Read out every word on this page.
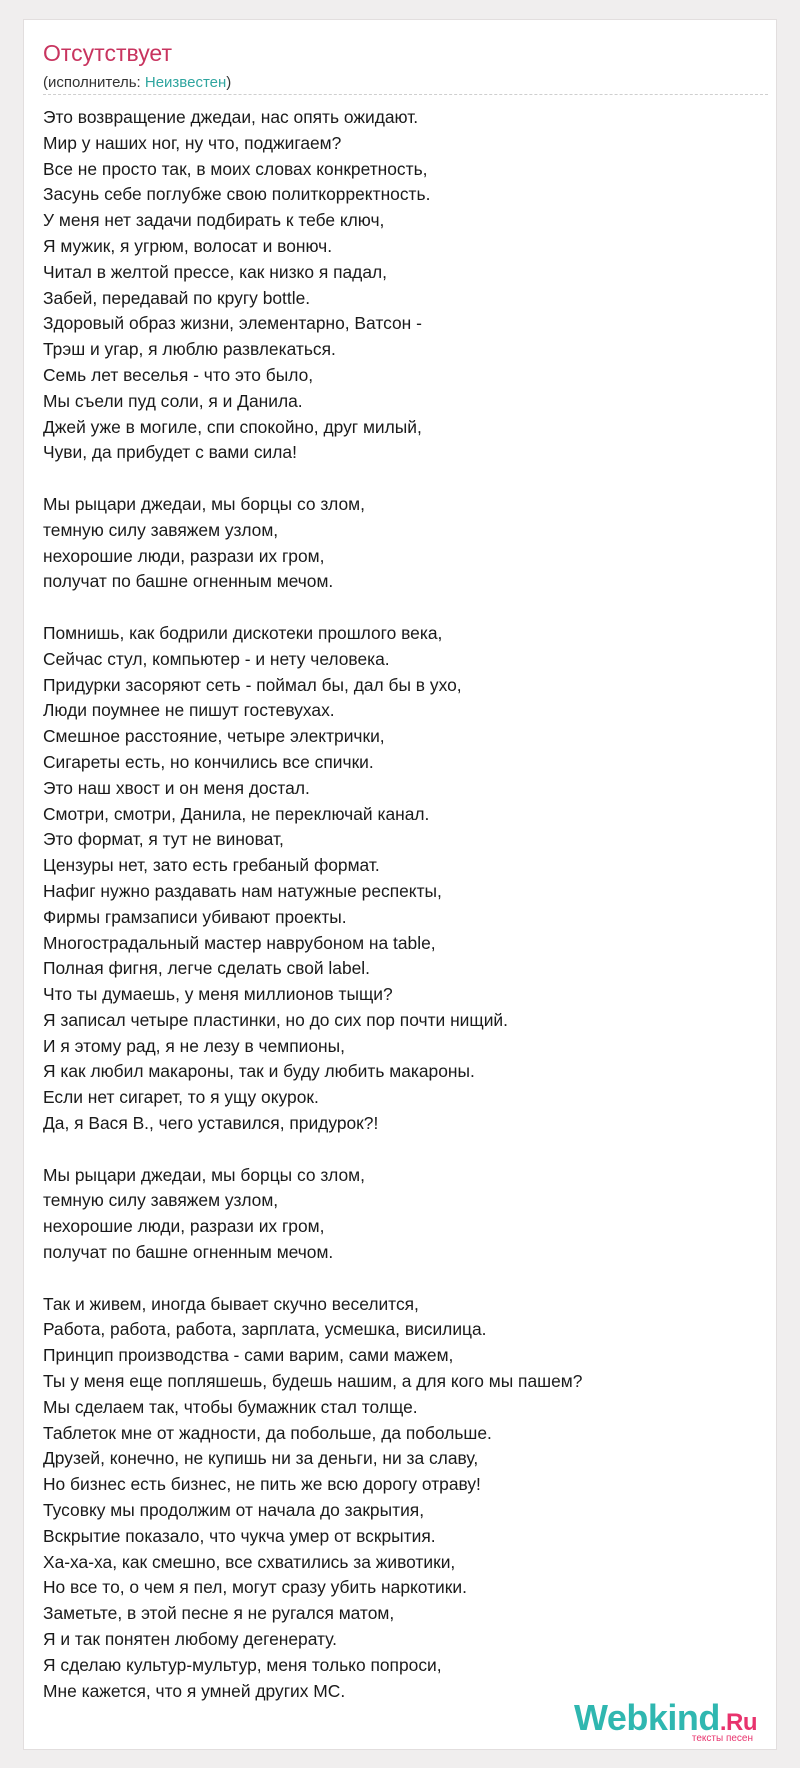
Отсутствует
(исполнитель: Неизвестен)
Это возвращение джедаи, нас опять ожидают.
Мир у наших ног, ну что, поджигаем?
Все не просто так, в моих словах конкретность,
Засунь себе поглубже свою политкорректность.
У меня нет задачи подбирать к тебе ключ,
Я мужик, я угрюм, волосат и вонюч.
Читал в желтой прессе, как низко я падал,
Забей, передавай по кругу bottle.
Здоровый образ жизни, элементарно, Ватсон -
Трэш и угар, я люблю развлекаться.
Семь лет веселья - что это было,
Мы съели пуд соли, я и Данила.
Джей уже в могиле, спи спокойно, друг милый,
Чуви, да прибудет с вами сила!
Мы рыцари джедаи, мы борцы со злом,
темную силу завяжем узлом,
нехорошие люди, разрази их гром,
получат по башне огненным мечом.
Помнишь, как бодрили дискотеки прошлого века,
Сейчас стул, компьютер - и нету человека.
Придурки засоряют сеть - поймал бы, дал бы в ухо,
Люди поумнее не пишут гостевухах.
Смешное расстояние, четыре электрички,
Сигареты есть, но кончились все спички.
Это наш хвост и он меня достал.
Смотри, смотри, Данила, не переключай канал.
Это формат, я тут не виноват,
Цензуры нет, зато есть гребаный формат.
Нафиг нужно раздавать нам натужные респекты,
Фирмы грамзаписи убивают проекты.
Многострадальный мастер наврубоном на table,
Полная фигня, легче сделать свой label.
Что ты думаешь, у меня миллионов тыщи?
Я записал четыре пластинки, но до сих пор почти нищий.
И я этому рад, я не лезу в чемпионы,
Я как любил макароны, так и буду любить макароны.
Если нет сигарет, то я ущу окурок.
Да, я Вася В., чего уставился, придурок?!
Мы рыцари джедаи, мы борцы со злом,
темную силу завяжем узлом,
нехорошие люди, разрази их гром,
получат по башне огненным мечом.
Так и живем, иногда бывает скучно веселится,
Работа, работа, работа, зарплата, усмешка, висилица.
Принцип производства - сами варим, сами мажем,
Ты у меня еще попляшешь, будешь нашим, а для кого мы пашем?
Мы сделаем так, чтобы бумажник стал толще.
Таблеток мне от жадности, да побольше, да побольше.
Друзей, конечно, не купишь ни за деньги, ни за славу,
Но бизнес есть бизнес, не пить же всю дорогу отраву!
Тусовку мы продолжим от начала до закрытия,
Вскрытие показало, что чукча умер от вскрытия.
Ха-ха-ха, как смешно, все схватились за животики,
Но все то, о чем я пел, могут сразу убить наркотики.
Заметьте, в этой песне я не ругался матом,
Я и так понятен любому дегенерату.
Я сделаю культур-мультур, меня только попроси,
Мне кажется, что я умней других МС.
Webkind.Ru
тексты песен
